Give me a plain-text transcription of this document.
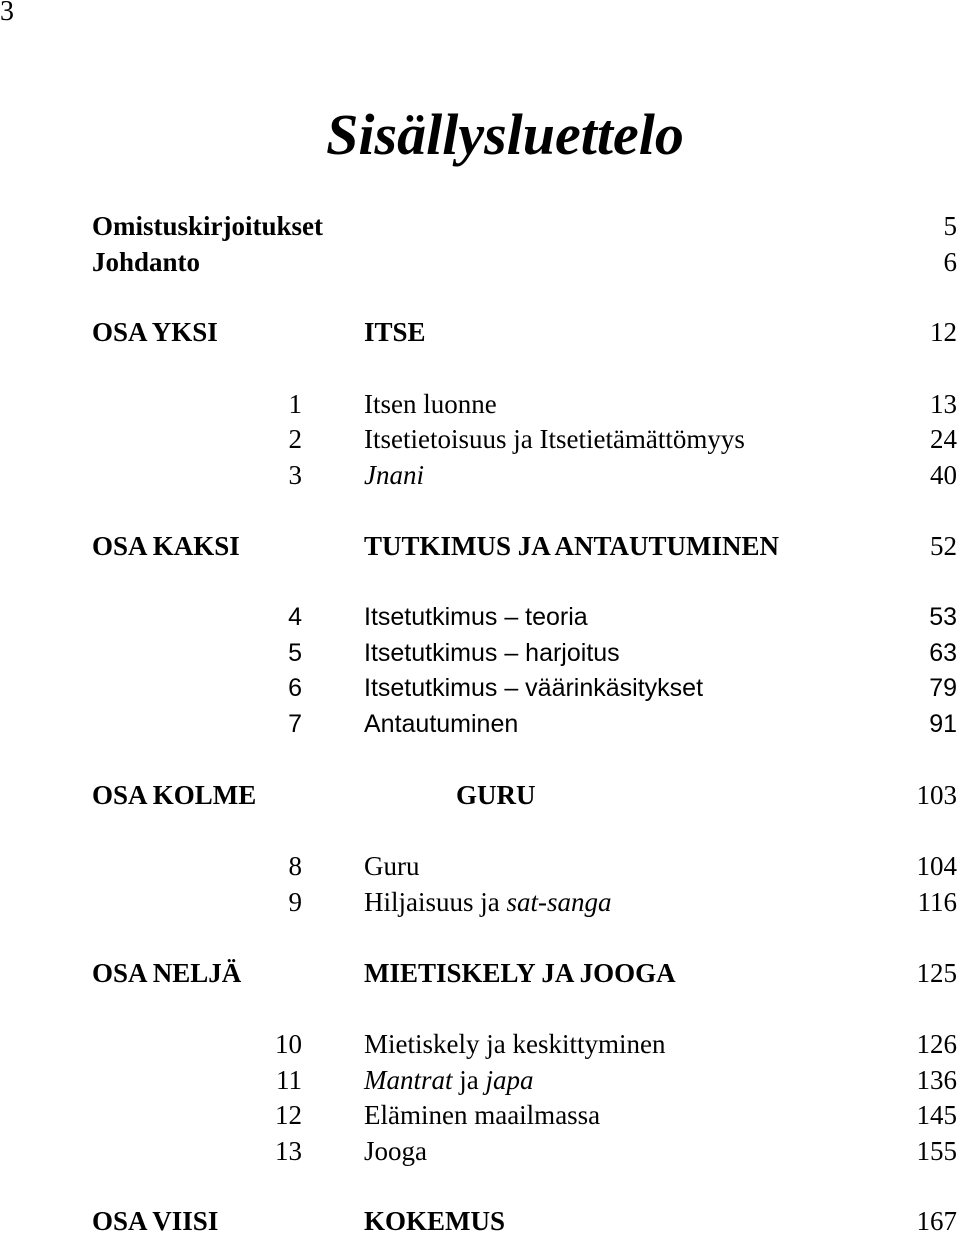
3
Sisällysluettelo
Omistuskirjoitukset	5
Johdanto	6
OSA YKSI	ITSE	12
1 Itsen luonne	13
2 Itsetietoisuus ja Itsetietämättömyys	24
3 Jnani	40
OSA KAKSI	TUTKIMUS JA ANTAUTUMINEN	52
4 Itsetutkimus – teoria	53
5 Itsetutkimus – harjoitus	63
6 Itsetutkimus – väärinkäsitykset	79
7 Antautuminen	91
OSA KOLME	GURU	103
8 Guru	104
9 Hiljaisuus ja sat-sanga	116
OSA NELJÄ	MIETISKELY JA JOOGA	125
10 Mietiskely ja keskittyminen	126
11 Mantrat ja japa	136
12 Eläminen maailmassa	145
13 Jooga	155
OSA VIISI	KOKEMUS	167
